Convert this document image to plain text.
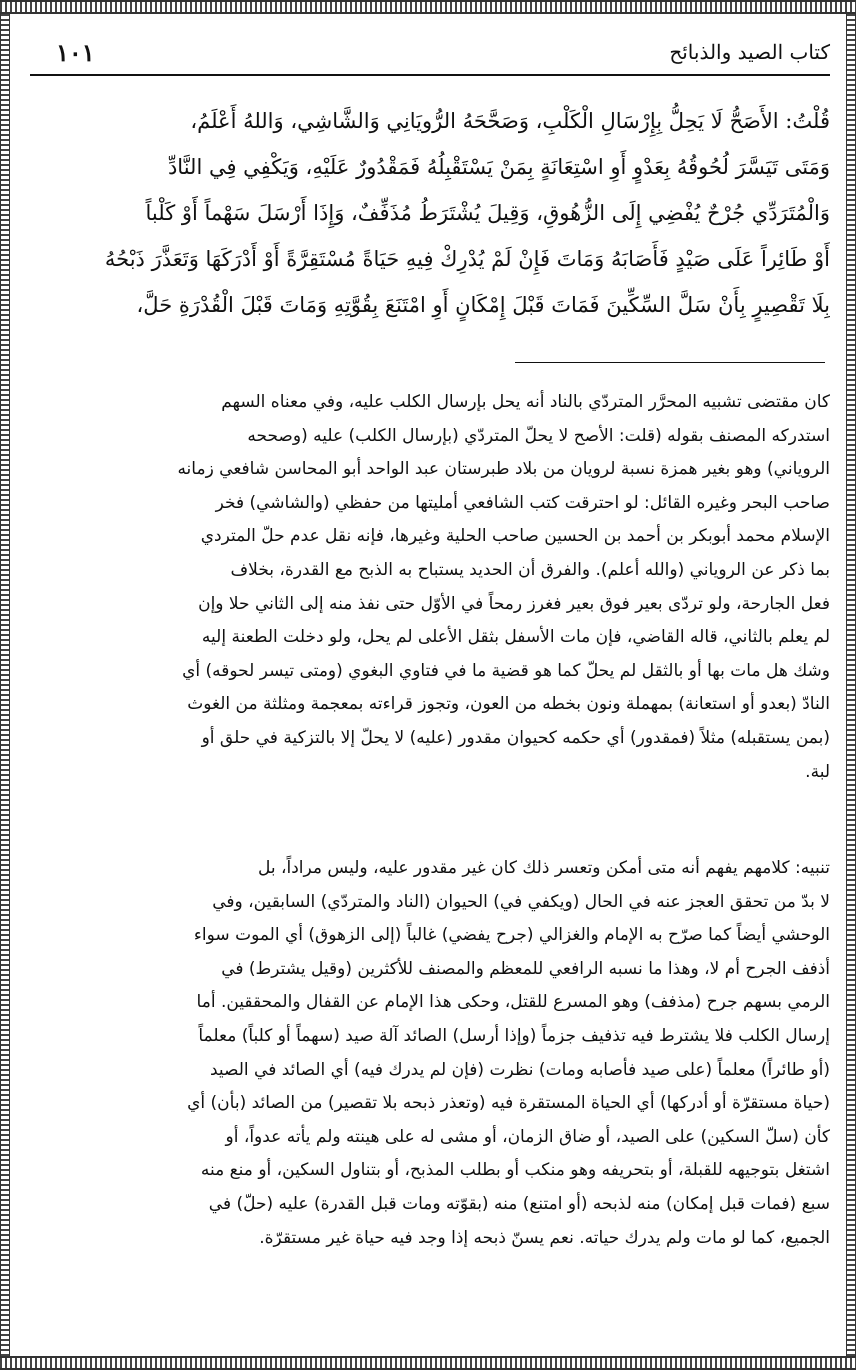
١٠١	كتاب الصيد والذبائح
قُلْتُ: الأَصَحُّ لَا يَحِلُّ بِإِرْسَالِ الْكَلْبِ، وَصَحَّحَهُ الرُّويَانِي وَالشَّاشِي، وَاللهُ أَعْلَمُ،
وَمَتَى تَيَسَّرَ لُحُوقُهُ بِعَدْوٍ أَوِ اسْتِعَانَةٍ بِمَنْ يَسْتَقْبِلُهُ فَمَقْدُورٌ عَلَيْهِ، وَيَكْفِي فِي النَّادِّ
وَالْمُتَرَدِّي جُرْحٌ يُفْضِي إِلَى الزُّهُوقِ، وَقِيلَ يُشْتَرَطُ مُذَفِّفٌ، وَإِذَا أَرْسَلَ سَهْماً أَوْ كَلْباً
أَوْ طَائِراً عَلَى صَيْدٍ فَأَصَابَهُ وَمَاتَ فَإِنْ لَمْ يُدْرِكْ فِيهِ حَيَاةً مُسْتَقِرَّةً أَوْ أَدْرَكَهَا وَتَعَذَّرَ ذَبْحُهُ
بِلَا تَقْصِيرٍ بِأَنْ سَلَّ السِّكِّينَ فَمَاتَ قَبْلَ إِمْكَانٍ أَوِ امْتَنَعَ بِقُوَّتِهِ وَمَاتَ قَبْلَ الْقُدْرَةِ حَلَّ،
كان مقتضى تشبيه المحرَّر المتردّي بالناد أنه يحل بإرسال الكلب عليه، وفي معناه السهم
استدركه المصنف بقوله (قلت: الأصح لا يحلّ المتردّي (بإرسال الكلب) عليه (وصححه
الروياني) وهو بغير همزة نسبة لرويان من بلاد طبرستان عبد الواحد أبو المحاسن شافعي زمانه
صاحب البحر وغيره القائل: لو احترقت كتب الشافعي أمليتها من حفظي (والشاشي) فخر
الإسلام محمد أبوبكر بن أحمد بن الحسين صاحب الحلية وغيرها، فإنه نقل عدم حلّ المتردي
بما ذكر عن الروياني (والله أعلم). والفرق أن الحديد يستباح به الذبح مع القدرة، بخلاف
فعل الجارحة، ولو تردّى بعير فوق بعير فغرز رمحاً في الأوّل حتى نفذ منه إلى الثاني حلا وإن
لم يعلم بالثاني، قاله القاضي، فإن مات الأسفل بثقل الأعلى لم يحل، ولو دخلت الطعنة إليه
وشك هل مات بها أو بالثقل لم يحلّ كما هو قضية ما في فتاوي البغوي (ومتى تيسر لحوقه) أي
النادّ (بعدو أو استعانة) بمهملة ونون بخطه من العون، وتجوز قراءته بمعجمة ومثلثة من الغوث
(بمن يستقبله) مثلاً (فمقدور) أي حكمه كحيوان مقدور (عليه) لا يحلّ إلا بالتزكية في حلق أو
لبة.
تنبيه: كلامهم يفهم أنه متى أمكن وتعسر ذلك كان غير مقدور عليه، وليس مراداً، بل
لا بدّ من تحقق العجز عنه في الحال (ويكفي في) الحيوان (الناد والمتردّي) السابقين، وفي
الوحشي أيضاً كما صرّح به الإمام والغزالي (جرح يفضي) غالباً (إلى الزهوق) أي الموت سواء
أذفف الجرح أم لا، وهذا ما نسبه الرافعي للمعظم والمصنف للأكثرين (وقيل يشترط) في
الرمي بسهم جرح (مذفف) وهو المسرع للقتل، وحكى هذا الإمام عن القفال والمحققين. أما
إرسال الكلب فلا يشترط فيه تذفيف جزماً (وإذا أرسل) الصائد آلة صيد (سهماً أو كلباً) معلماً
(أو طائراً) معلماً (على صيد فأصابه ومات) نظرت (فإن لم يدرك فيه) أي الصائد في الصيد
(حياة مستقرّة أو أدركها) أي الحياة المستقرة فيه (وتعذر ذبحه بلا تقصير) من الصائد (بأن) أي
كأن (سلّ السكين) على الصيد، أو ضاق الزمان، أو مشى له على هينته ولم يأته عدواً، أو
اشتغل بتوجيهه للقبلة، أو بتحريفه وهو منكب أو بطلب المذبح، أو بتناول السكين، أو منع منه
سبع (فمات قبل إمكان) منه لذبحه (أو امتنع) منه (بقوّته ومات قبل القدرة) عليه (حلّ) في
الجميع، كما لو مات ولم يدرك حياته. نعم يسنّ ذبحه إذا وجد فيه حياة غير مستقرّة.
